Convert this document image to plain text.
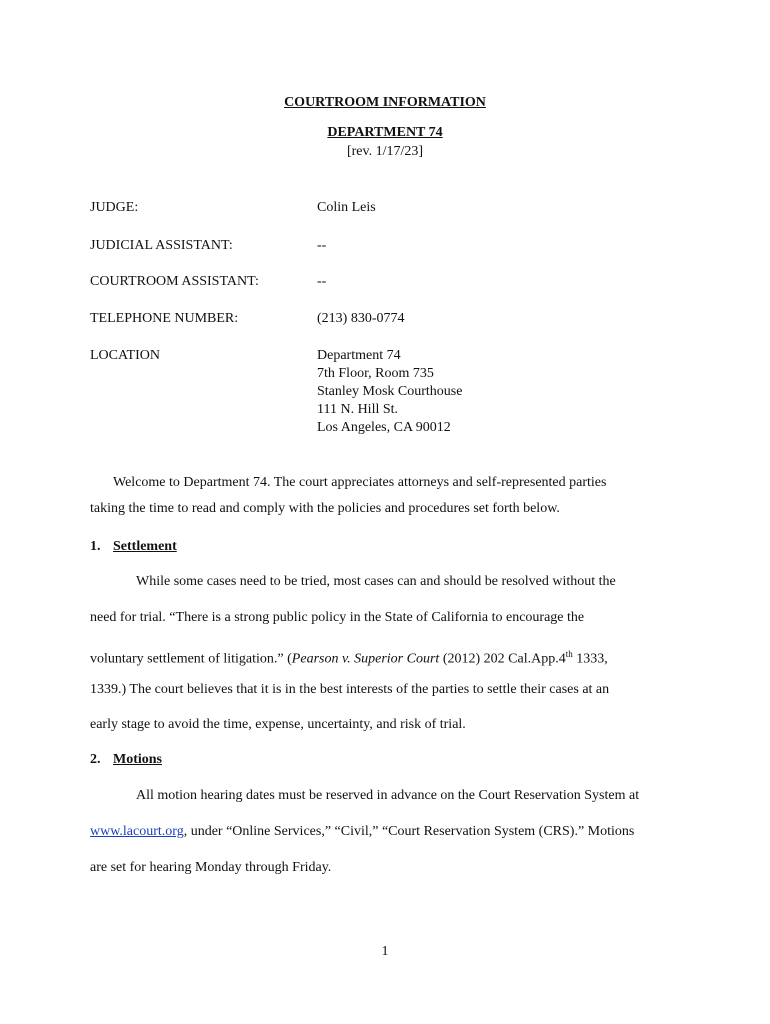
COURTROOM INFORMATION
DEPARTMENT 74
[rev. 1/17/23]
JUDGE:	Colin Leis
JUDICIAL ASSISTANT:	--
COURTROOM ASSISTANT:	--
TELEPHONE NUMBER:	(213) 830-0774
LOCATION	Department 74
7th Floor, Room 735
Stanley Mosk Courthouse
111 N. Hill St.
Los Angeles, CA 90012
Welcome to Department 74. The court appreciates attorneys and self-represented parties
taking the time to read and comply with the policies and procedures set forth below.
1. Settlement
While some cases need to be tried, most cases can and should be resolved without the
need for trial. “There is a strong public policy in the State of California to encourage the
voluntary settlement of litigation.” (Pearson v. Superior Court (2012) 202 Cal.App.4th 1333,
1339.) The court believes that it is in the best interests of the parties to settle their cases at an
early stage to avoid the time, expense, uncertainty, and risk of trial.
2. Motions
All motion hearing dates must be reserved in advance on the Court Reservation System at
www.lacourt.org, under “Online Services,” “Civil,” “Court Reservation System (CRS).” Motions
are set for hearing Monday through Friday.
1
